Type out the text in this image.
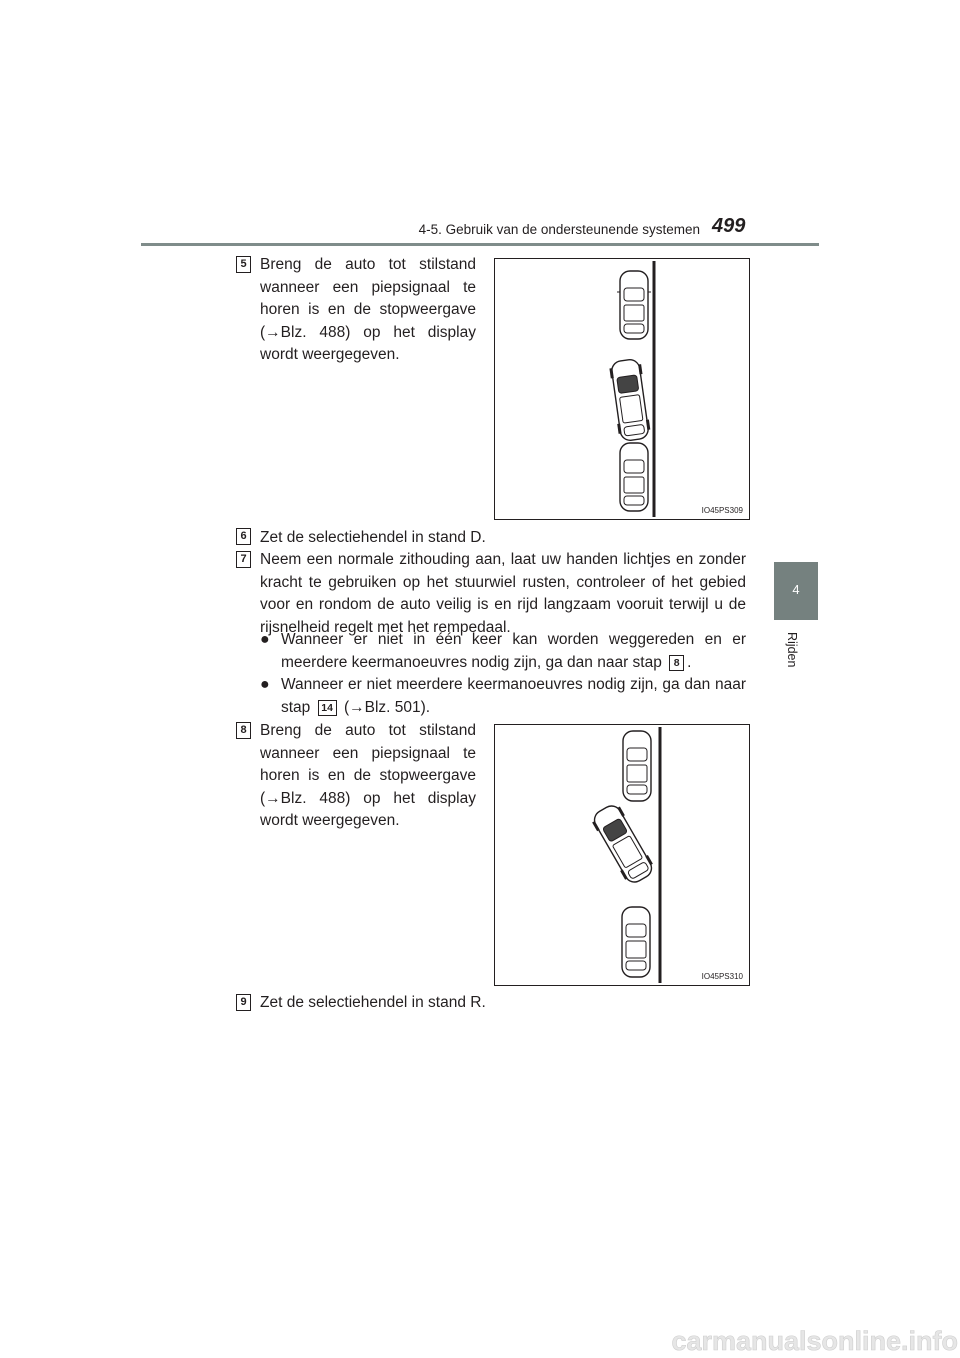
4-5. Gebruik van de ondersteunende systemen 499
4
Rijden
5 Breng de auto tot stilstand wanneer een piepsignaal te horen is en de stopweergave (→Blz. 488) op het display wordt weergegeven.
IO45PS309
6 Zet de selectiehendel in stand D.
7 Neem een normale zithouding aan, laat uw handen lichtjes en zonder kracht te gebruiken op het stuurwiel rusten, controleer of het gebied voor en rondom de auto veilig is en rijd langzaam vooruit terwijl u de rijsnelheid regelt met het rempedaal.
● Wanneer er niet in één keer kan worden weggereden en er meerdere keermanoeuvres nodig zijn, ga dan naar stap 8 .
● Wanneer er niet meerdere keermanoeuvres nodig zijn, ga dan naar stap 14 (→Blz. 501).
8 Breng de auto tot stilstand wanneer een piepsignaal te horen is en de stopweergave (→Blz. 488) op het display wordt weergegeven.
IO45PS310
9 Zet de selectiehendel in stand R.
carmanualsonline.info
